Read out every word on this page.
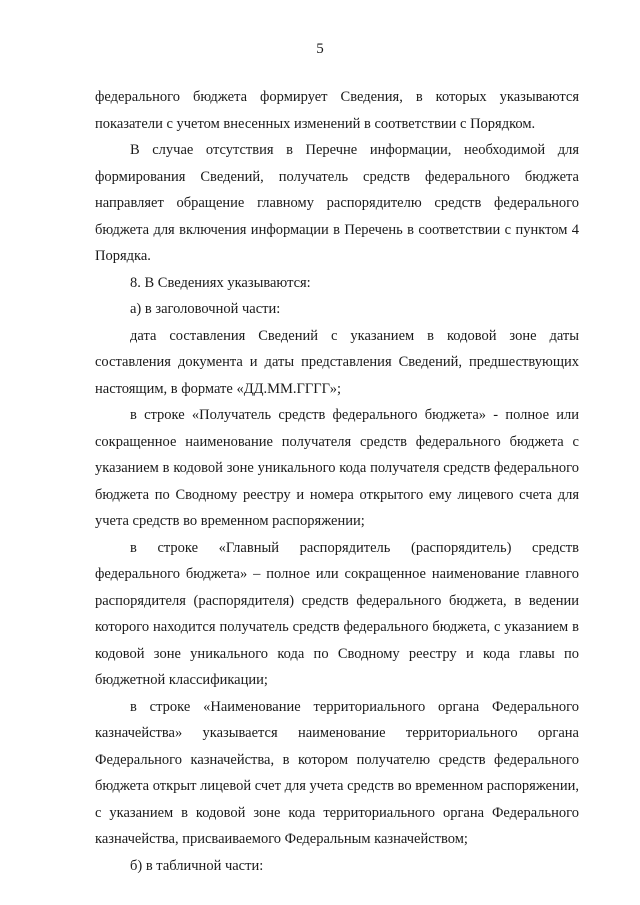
5

федерального бюджета формирует Сведения, в которых указываются показатели с учетом внесенных изменений в соответствии с Порядком.

В случае отсутствия в Перечне информации, необходимой для формирования Сведений, получатель средств федерального бюджета направляет обращение главному распорядителю средств федерального бюджета для включения информации в Перечень в соответствии с пунктом 4 Порядка.

8. В Сведениях указываются:

а) в заголовочной части:

дата составления Сведений с указанием в кодовой зоне даты составления документа и даты представления Сведений, предшествующих настоящим, в формате «ДД.ММ.ГГГГ»;

в строке «Получатель средств федерального бюджета» - полное или сокращенное наименование получателя средств федерального бюджета с указанием в кодовой зоне уникального кода получателя средств федерального бюджета по Сводному реестру и номера открытого ему лицевого счета для учета средств во временном распоряжении;

в строке «Главный распорядитель (распорядитель) средств федерального бюджета» – полное или сокращенное наименование главного распорядителя (распорядителя) средств федерального бюджета, в ведении которого находится получатель средств федерального бюджета, с указанием в кодовой зоне уникального кода по Сводному реестру и кода главы по бюджетной классификации;

в строке «Наименование территориального органа Федерального казначейства» указывается наименование территориального органа Федерального казначейства, в котором получателю средств федерального бюджета открыт лицевой счет для учета средств во временном распоряжении, с указанием в кодовой зоне кода территориального органа Федерального казначейства, присваиваемого Федеральным казначейством;

б) в табличной части:
